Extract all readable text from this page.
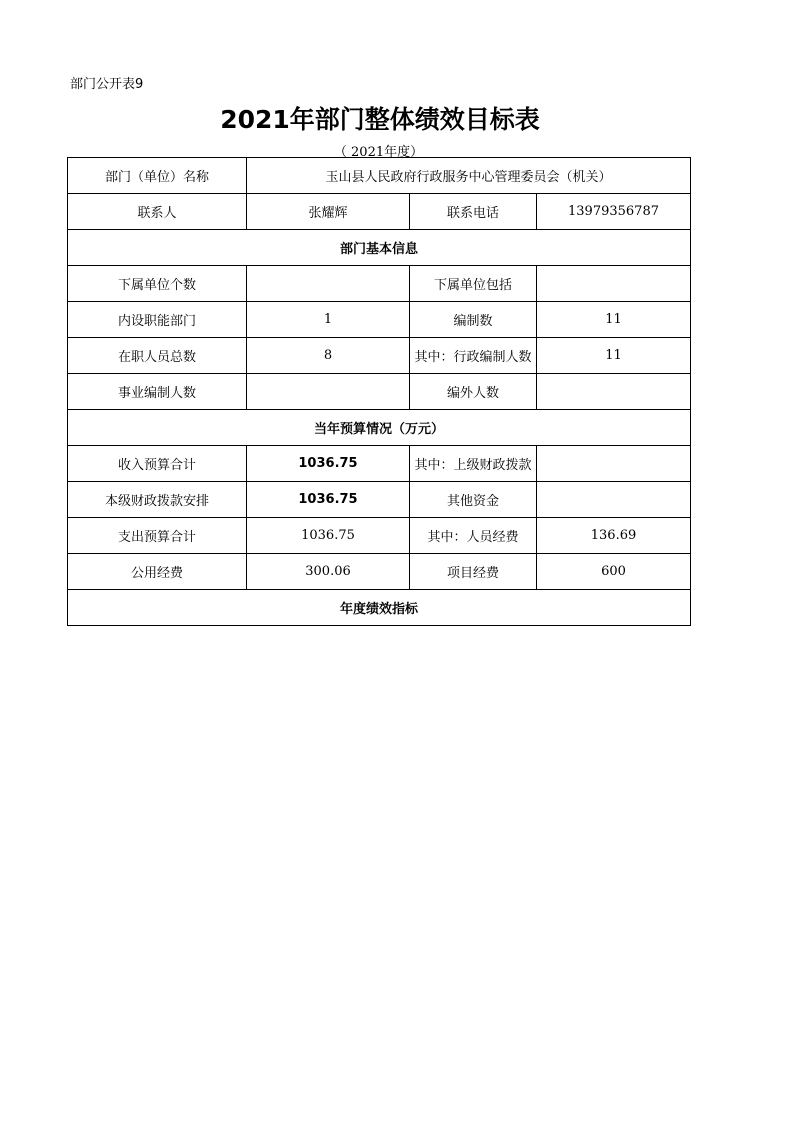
部门公开表9
2021年部门整体绩效目标表
（ 2021年度）
部门（单位）名称	玉山县人民政府行政服务中心管理委员会（机关）		
联系人	张耀辉	联系电话	13979356787
部门基本信息			
下属单位个数		下属单位包括	
内设职能部门	1	编制数	11
在职人员总数	8	其中：行政编制人数	11
事业编制人数		编外人数	
当年预算情况（万元）			
收入预算合计	1036.75	其中：上级财政拨款	
本级财政拨款安排	1036.75	其他资金	
支出预算合计	1036.75	其中：人员经费	136.69
公用经费	300.06	项目经费	600
年度绩效指标			
